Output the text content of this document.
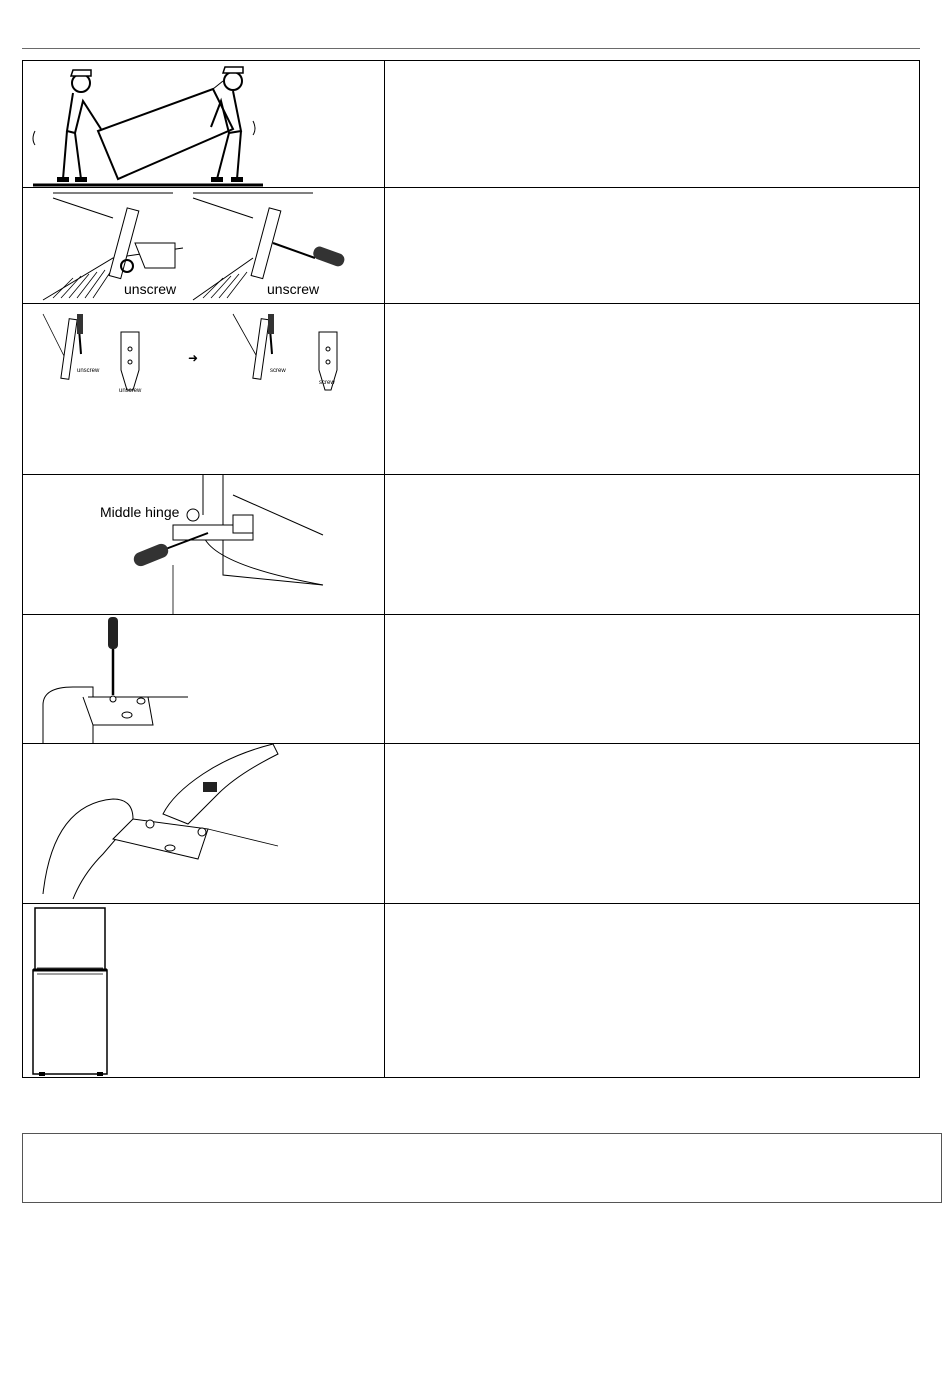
unscrew	unscrew
unscrew
unscrew
➜
screw
screw
Middle hinge
